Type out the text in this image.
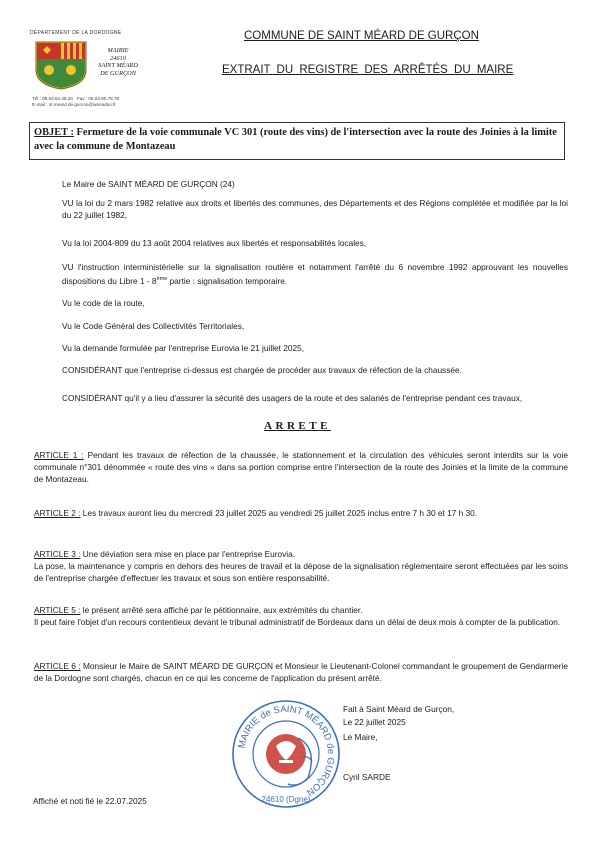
DÉPARTEMENT DE LA DORDOGNE
MAIRIE
24610
SAINT MÉARD
DE GURÇON
Tél : 05.53.82.49.20 · Fax : 05.53.80.78.78
E-mail : st.meard.de.gurcon@wanadoo.fr
COMMUNE DE SAINT MÉARD DE GURÇON
EXTRAIT DU REGISTRE DES ARRÊTÉS DU MAIRE
OBJET : Fermeture de la voie communale VC 301 (route des vins) de l'intersection avec la route des Joinies à la limite avec la commune de Montazeau
Le Maire de SAINT MÉARD DE GURÇON (24)
VU la loi du 2 mars 1982 relative aux droits et libertés des communes, des Départements et des Régions complétée et modifiée par la loi du 22 juillet 1982,
Vu la loi 2004-809 du 13 août 2004 relatives aux libertés et responsabilités locales,
VU l'instruction interministérielle sur la signalisation routière et notamment l'arrêté du 6 novembre 1992 approuvant les nouvelles dispositions du Libre 1 - 8ème partie : signalisation temporaire.
Vu le code de la route,
Vu le Code Général des Collectivités Territoriales,
Vu la demande formulée par l'entreprise Eurovia le 21 juillet 2025,
CONSIDÉRANT que l'entreprise ci-dessus est chargée de procéder aux travaux de réfection de la chaussée.
CONSIDÉRANT qu'il y a lieu d'assurer la sécurité des usagers de la route et des salariés de l'entreprise pendant ces travaux,
ARRETE
ARTICLE 1 : Pendant les travaux de réfection de la chaussée, le stationnement et la circulation des véhicules seront interdits sur la voie communale n°301 dénommée « route des vins » dans sa portion comprise entre l'intersection de la route des Joinies et la limite de la commune de Montazeau.
ARTICLE 2 : Les travaux auront lieu du mercredi 23 juillet 2025 au vendredi 25 juillet 2025 inclus entre 7 h 30 et 17 h 30.
ARTICLE 3 : Une déviation sera mise en place par l'entreprise Eurovia.
La pose, la maintenance y compris en dehors des heures de travail et la dépose de la signalisation réglementaire seront effectuées par les soins de l'entreprise chargée d'effectuer les travaux et sous son entière responsabilité.
ARTICLE 5 : le présent arrêté sera affiché par le pétitionnaire, aux extrémités du chantier.
Il peut faire l'objet d'un recours contentieux devant le tribunal administratif de Bordeaux dans un délai de deux mois à compter de la publication.
ARTICLE 6 : Monsieur le Maire de SAINT MÉARD DE GURÇON et Monsieur le Lieutenant-Colonel commandant le groupement de Gendarmerie de la Dordogne sont chargés, chacun en ce qui les concerne de l'application du présent arrêté.
Fait à Saint Méard de Gurçon,
Le 22 juillet 2025
Le Maire,
Cyril SARDE
MAIRIE de SAINT MÉARD de GURÇON
24610 (Dgne)
Affiché et noti fié le 22.07.2025
